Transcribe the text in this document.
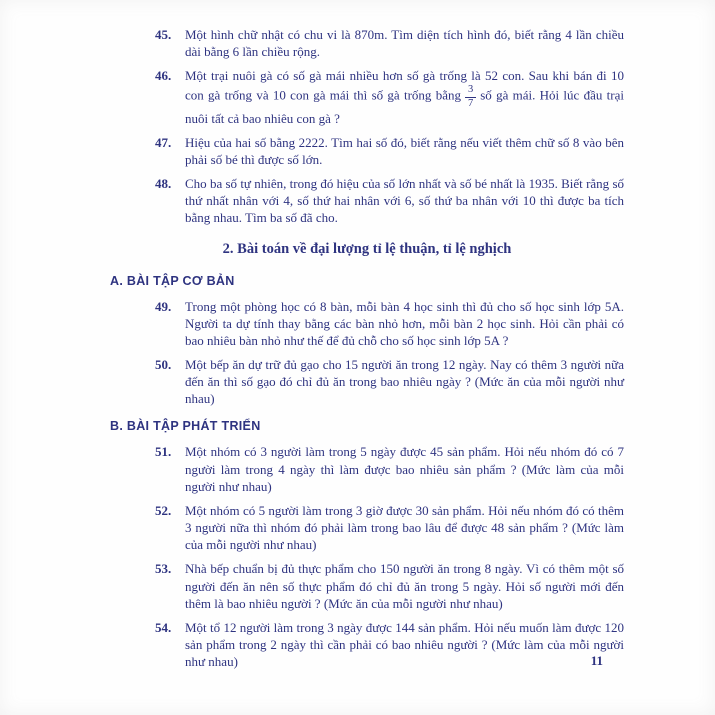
45.	Một hình chữ nhật có chu vi là 870m. Tìm diện tích hình đó, biết rằng 4 lần chiều dài bằng 6 lần chiều rộng.
46.	Một trại nuôi gà có số gà mái nhiều hơn số gà trống là 52 con. Sau khi bán đi 10 con gà trống và 10 con gà mái thì số gà trống bằng $\frac{3}{7}$ số gà mái. Hỏi lúc đầu trại nuôi tất cả bao nhiêu con gà ?
47.	Hiệu của hai số bằng 2222. Tìm hai số đó, biết rằng nếu viết thêm chữ số 8 vào bên phải số bé thì được số lớn.
48.	Cho ba số tự nhiên, trong đó hiệu của số lớn nhất và số bé nhất là 1935. Biết rằng số thứ nhất nhân với 4, số thứ hai nhân với 6, số thứ ba nhân với 10 thì được ba tích bằng nhau. Tìm ba số đã cho.
2. Bài toán về đại lượng tỉ lệ thuận, tỉ lệ nghịch
A. BÀI TẬP CƠ BẢN
49.	Trong một phòng học có 8 bàn, mỗi bàn 4 học sinh thì đủ cho số học sinh lớp 5A. Người ta dự tính thay bằng các bàn nhỏ hơn, mỗi bàn 2 học sinh. Hỏi cần phải có bao nhiêu bàn nhỏ như thế để đủ chỗ cho số học sinh lớp 5A ?
50.	Một bếp ăn dự trữ đủ gạo cho 15 người ăn trong 12 ngày. Nay có thêm 3 người nữa đến ăn thì số gạo đó chỉ đủ ăn trong bao nhiêu ngày ? (Mức ăn của mỗi người như nhau)
B. BÀI TẬP PHÁT TRIỂN
51.	Một nhóm có 3 người làm trong 5 ngày được 45 sản phẩm. Hỏi nếu nhóm đó có 7 người làm trong 4 ngày thì làm được bao nhiêu sản phẩm ? (Mức làm của mỗi người như nhau)
52.	Một nhóm có 5 người làm trong 3 giờ được 30 sản phẩm. Hỏi nếu nhóm đó có thêm 3 người nữa thì nhóm đó phải làm trong bao lâu để được 48 sản phẩm ? (Mức làm của mỗi người như nhau)
53.	Nhà bếp chuẩn bị đủ thực phẩm cho 150 người ăn trong 8 ngày. Vì có thêm một số người đến ăn nên số thực phẩm đó chỉ đủ ăn trong 5 ngày. Hỏi số người mới đến thêm là bao nhiêu người ? (Mức ăn của mỗi người như nhau)
54.	Một tổ 12 người làm trong 3 ngày được 144 sản phẩm. Hỏi nếu muốn làm được 120 sản phẩm trong 2 ngày thì cần phải có bao nhiêu người ? (Mức làm của mỗi người như nhau)	11
